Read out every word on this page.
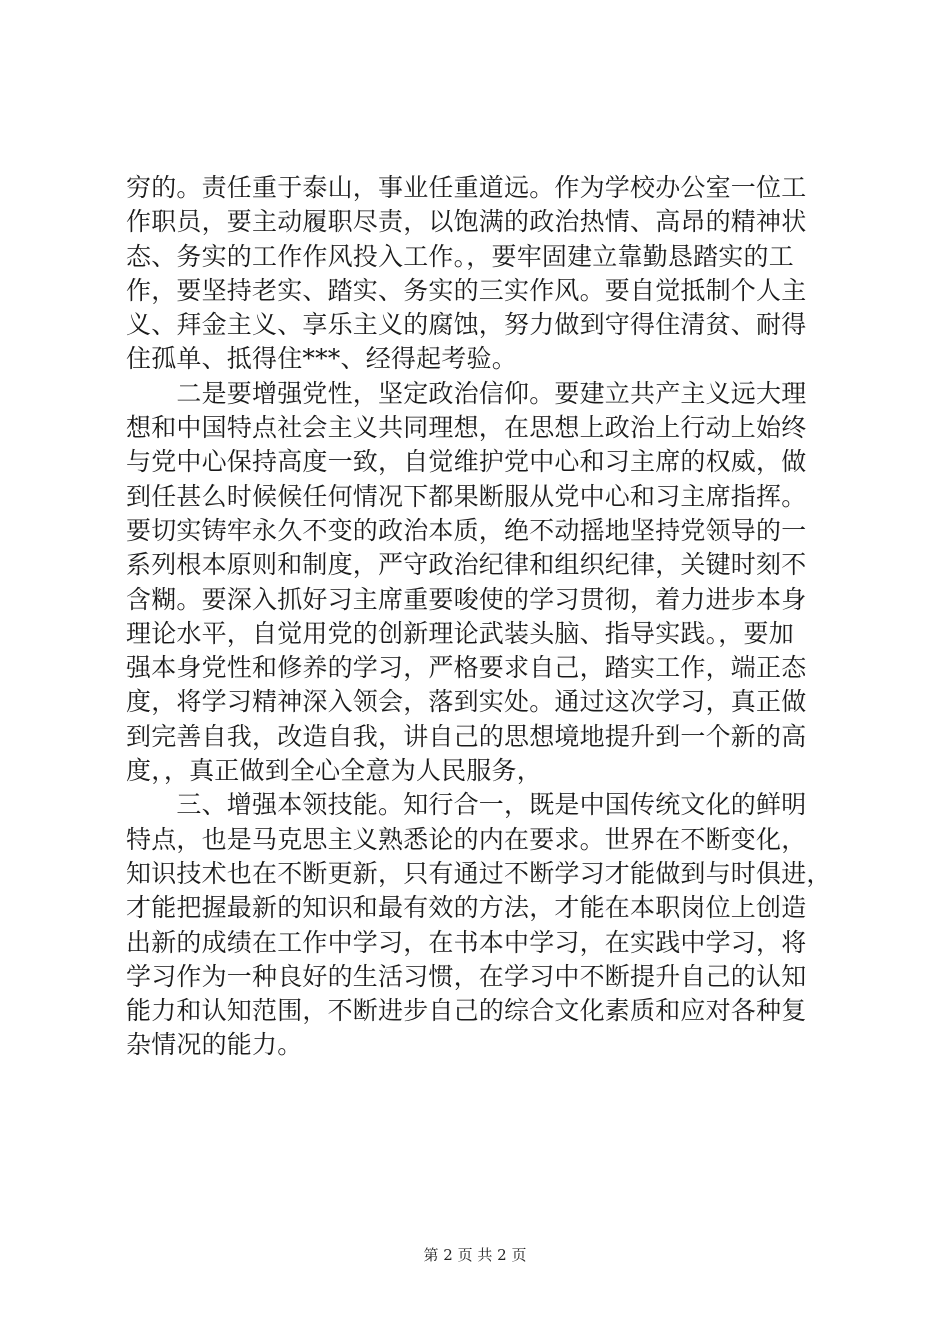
穷的。责任重于泰山，事业任重道远。作为学校办公室一位工
作职员，要主动履职尽责，以饱满的政治热情、高昂的精神状
态、务实的工作作风投入工作。，要牢固建立靠勤恳踏实的工
作，要坚持老实、踏实、务实的三实作风。要自觉抵制个人主
义、拜金主义、享乐主义的腐蚀，努力做到守得住清贫、耐得
住孤单、抵得住***、经得起考验。
　　二是要增强党性，坚定政治信仰。要建立共产主义远大理
想和中国特点社会主义共同理想，在思想上政治上行动上始终
与党中心保持高度一致，自觉维护党中心和习主席的权威，做
到任甚么时候候任何情况下都果断服从党中心和习主席指挥。
要切实铸牢永久不变的政治本质，绝不动摇地坚持党领导的一
系列根本原则和制度，严守政治纪律和组织纪律，关键时刻不
含糊。要深入抓好习主席重要唆使的学习贯彻，着力进步本身
理论水平，自觉用党的创新理论武装头脑、指导实践。，要加
强本身党性和修养的学习，严格要求自己，踏实工作，端正态
度，将学习精神深入领会，落到实处。通过这次学习，真正做
到完善自我，改造自我，讲自己的思想境地提升到一个新的高
度，，真正做到全心全意为人民服务，
　　三、增强本领技能。知行合一，既是中国传统文化的鲜明
特点，也是马克思主义熟悉论的内在要求。世界在不断变化，
知识技术也在不断更新，只有通过不断学习才能做到与时俱进，
才能把握最新的知识和最有效的方法，才能在本职岗位上创造
出新的成绩在工作中学习，在书本中学习，在实践中学习，将
学习作为一种良好的生活习惯，在学习中不断提升自己的认知
能力和认知范围，不断进步自己的综合文化素质和应对各种复
杂情况的能力。
第 2 页 共 2 页
